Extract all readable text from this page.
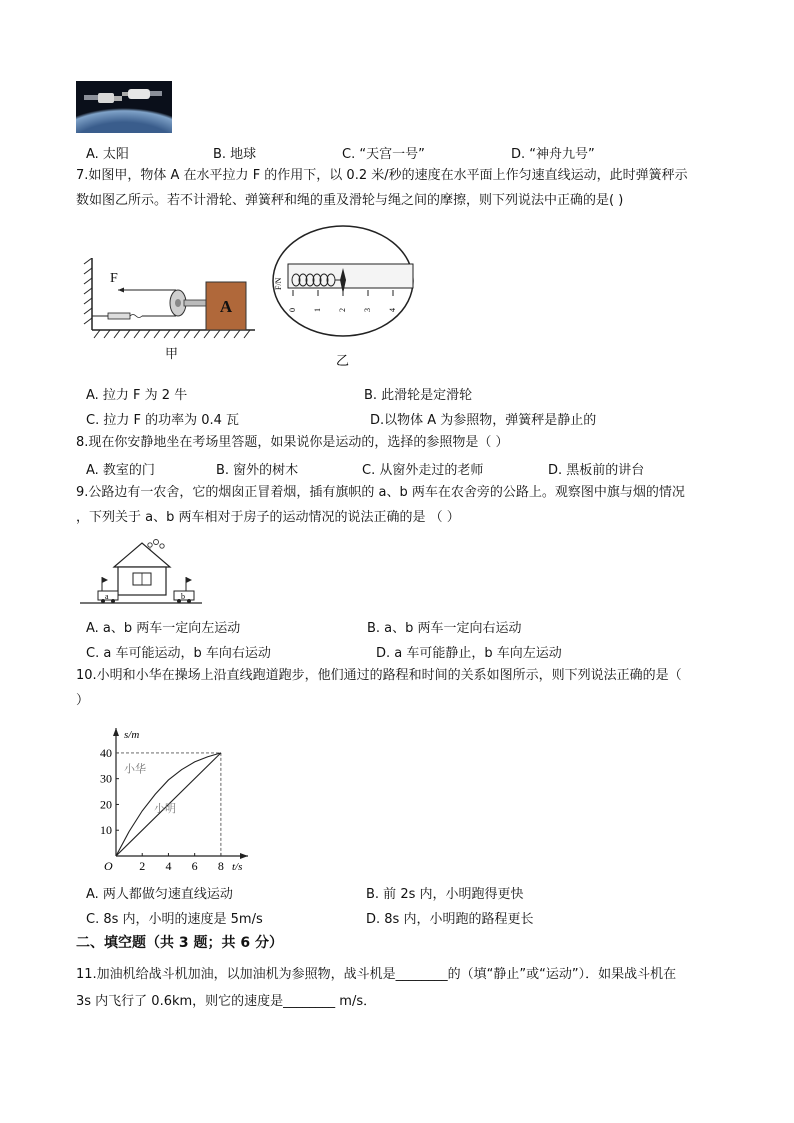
A. 太阳	B. 地球	C. “天宫一号”	D. “神舟九号”
7.如图甲，物体 A 在水平拉力 F 的作用下，以 0.2 米/秒的速度在水平面上作匀速直线运动，此时弹簧秤示
数如图乙所示。若不计滑轮、弹簧秤和绳的重及滑轮与绳之间的摩擦，则下列说法中正确的是( )
A
F
甲
F/N
0 1 2 3 4
乙
A. 拉力 F 为 2 牛	B. 此滑轮是定滑轮
C. 拉力 F 的功率为 0.4 瓦	D.以物体 A 为参照物，弹簧秤是静止的
8.现在你安静地坐在考场里答题，如果说你是运动的，选择的参照物是（ ）
A. 教室的门	B. 窗外的树木	C. 从窗外走过的老师	D. 黑板前的讲台
9.公路边有一农舍，它的烟囱正冒着烟，插有旗帜的 a、b 两车在农舍旁的公路上。观察图中旗与烟的情况
，下列关于 a、b 两车相对于房子的运动情况的说法正确的是 （ ）
a	b
A. a、b 两车一定向左运动	B. a、b 两车一定向右运动
C. a 车可能运动，b 车向右运动	D. a 车可能静止，b 车向左运动
10.小明和小华在操场上沿直线跑道跑步，他们通过的路程和时间的关系如图所示，则下列说法正确的是（
）
s/m
t/s
O 2 4 6 8
10
20
30
40
小华
小明
A. 两人都做匀速直线运动	B. 前 2s 内，小明跑得更快
C. 8s 内，小明的速度是 5m/s	D. 8s 内，小明跑的路程更长
二、填空题（共 3 题；共 6 分）
11.加油机给战斗机加油，以加油机为参照物，战斗机是________的（填“静止”或“运动”）．如果战斗机在
3s 内飞行了 0.6km，则它的速度是________ m/s．
